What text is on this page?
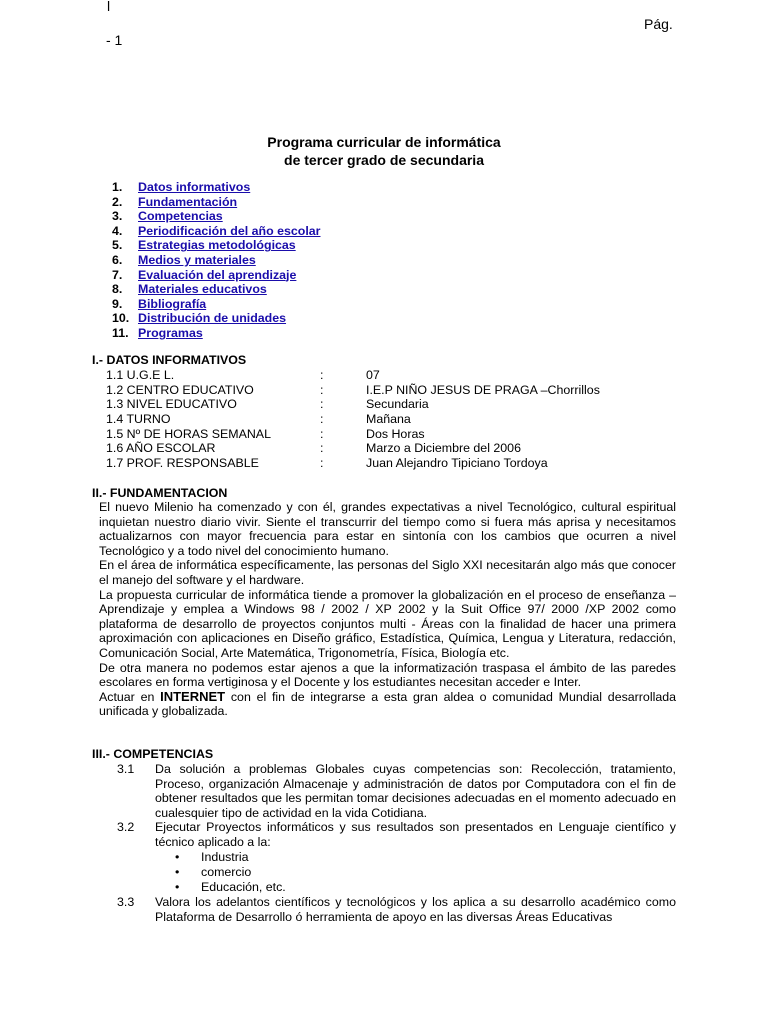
l
Pág.
- 1
Programa curricular de informática
de tercer grado de secundaria
1. Datos informativos
2. Fundamentación
3. Competencias
4. Periodificación del año escolar
5. Estrategias metodológicas
6. Medios y materiales
7. Evaluación del aprendizaje
8. Materiales educativos
9. Bibliografía
10. Distribución de unidades
11. Programas
I.- DATOS INFORMATIVOS
1.1 U.G.E L.	:	07
1.2 CENTRO EDUCATIVO	:	I.E.P NIÑO JESUS DE PRAGA –Chorrillos
1.3 NIVEL EDUCATIVO	:	Secundaria
1.4 TURNO	:	Mañana
1.5 Nº DE HORAS SEMANAL	:	Dos Horas
1.6 AÑO ESCOLAR	:	Marzo a Diciembre del 2006
1.7 PROF. RESPONSABLE	:	Juan Alejandro Tipiciano Tordoya
II.- FUNDAMENTACION

El nuevo Milenio ha comenzado y con él, grandes expectativas a nivel Tecnológico, cultural espiritual inquietan nuestro diario vivir. Siente el transcurrir del tiempo como si fuera más aprisa y necesitamos actualizarnos con mayor frecuencia para estar en sintonía con los cambios que ocurren a nivel Tecnológico y a todo nivel del conocimiento humano.

En el área de informática específicamente, las personas del Siglo XXI necesitarán algo más que conocer el manejo del software y el hardware.

La propuesta curricular de informática tiende a promover la globalización en el proceso de enseñanza – Aprendizaje y emplea a Windows 98 / 2002 / XP 2002 y la Suit Office 97/ 2000 /XP 2002 como plataforma de desarrollo de proyectos conjuntos multi - Áreas con la finalidad de hacer una primera aproximación con aplicaciones en Diseño gráfico, Estadística, Química, Lengua y Literatura, redacción, Comunicación Social, Arte Matemática, Trigonometría, Física, Biología etc.

De otra manera no podemos estar ajenos a que la informatización traspasa el ámbito de las paredes escolares en forma vertiginosa y el Docente y los estudiantes necesitan acceder e Inter.

Actuar en INTERNET con el fin de integrarse a esta gran aldea o comunidad Mundial desarrollada unificada y globalizada.

III.- COMPETENCIAS
3.1 Da solución a problemas Globales cuyas competencias son: Recolección, tratamiento, Proceso, organización Almacenaje y administración de datos por Computadora con el fin de obtener resultados que les permitan tomar decisiones adecuadas en el momento adecuado en cualesquier tipo de actividad en la vida Cotidiana.
3.2 Ejecutar Proyectos informáticos y sus resultados son presentados en Lenguaje científico y técnico aplicado a la:
• Industria
• comercio
• Educación, etc.
3.3 Valora los adelantos científicos y tecnológicos y los aplica a su desarrollo académico como Plataforma de Desarrollo ó herramienta de apoyo en las diversas Áreas Educativas
